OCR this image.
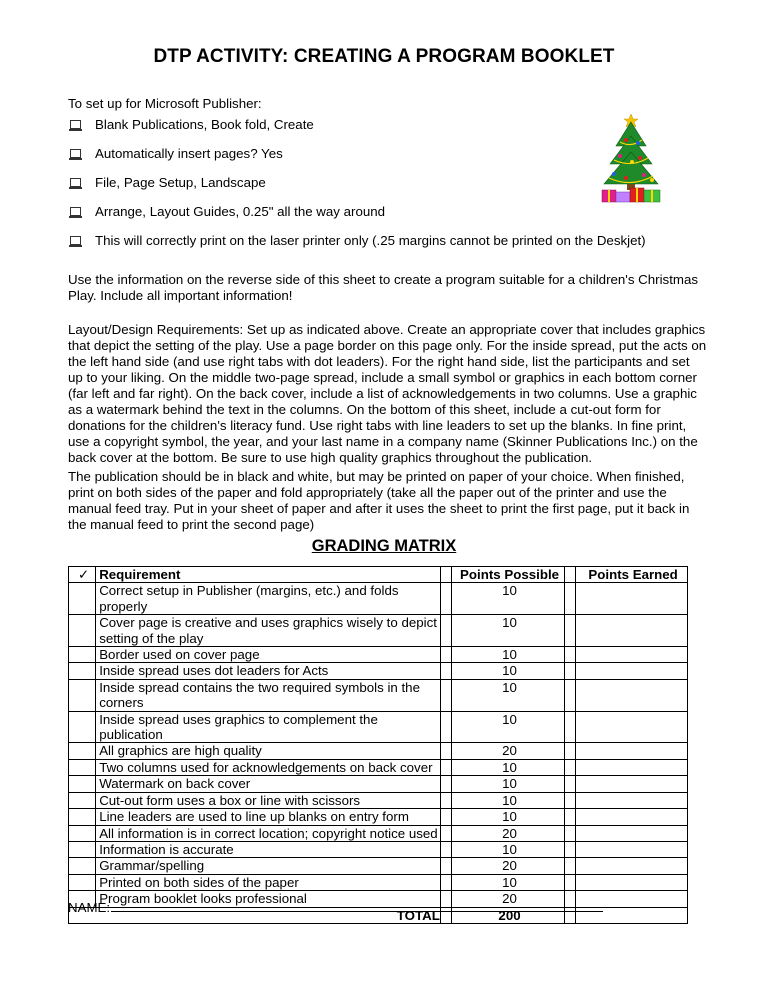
DTP ACTIVITY: CREATING A PROGRAM BOOKLET
To set up for Microsoft Publisher:
Blank Publications, Book fold, Create
Automatically insert pages? Yes
File, Page Setup, Landscape
Arrange, Layout Guides, 0.25" all the way around
This will correctly print on the laser printer only (.25 margins cannot be printed on the Deskjet)
Use the information on the reverse side of this sheet to create a program suitable for a children's Christmas Play. Include all important information!
Layout/Design Requirements: Set up as indicated above. Create an appropriate cover that includes graphics that depict the setting of the play. Use a page border on this page only. For the inside spread, put the acts on the left hand side (and use right tabs with dot leaders). For the right hand side, list the participants and set up to your liking. On the middle two-page spread, include a small symbol or graphics in each bottom corner (far left and far right). On the back cover, include a list of acknowledgements in two columns. Use a graphic as a watermark behind the text in the columns. On the bottom of this sheet, include a cut-out form for donations for the children's literacy fund. Use right tabs with line leaders to set up the blanks. In fine print, use a copyright symbol, the year, and your last name in a company name (Skinner Publications Inc.) on the back cover at the bottom. Be sure to use high quality graphics throughout the publication.
The publication should be in black and white, but may be printed on paper of your choice. When finished, print on both sides of the paper and fold appropriately (take all the paper out of the printer and use the manual feed tray. Put in your sheet of paper and after it uses the sheet to print the first page, put it back in the manual feed to print the second page)
GRADING MATRIX
✓	Requirement		Points Possible		Points Earned
	Correct setup in Publisher (margins, etc.) and folds properly		10		
	Cover page is creative and uses graphics wisely to depict setting of the play		10		
	Border used on cover page		10		
	Inside spread uses dot leaders for Acts		10		
	Inside spread contains the two required symbols in the corners		10		
	Inside spread uses graphics to complement the publication		10		
	All graphics are high quality		20		
	Two columns used for acknowledgements on back cover		10		
	Watermark on back cover		10		
	Cut-out form uses a box or line with scissors		10		
	Line leaders are used to line up blanks on entry form		10		
	All information is in correct location; copyright notice used		20		
	Information is accurate		10		
	Grammar/spelling		20		
	Printed on both sides of the paper		10		
	Program booklet looks professional		20		
TOTAL			200		
NAME:
